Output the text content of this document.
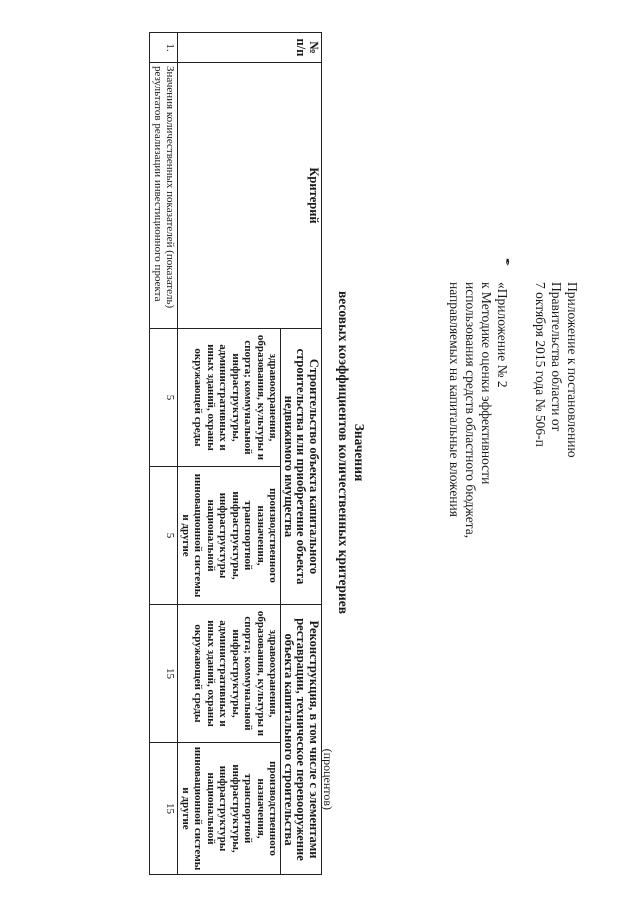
Приложение к постановлению
Правительства области от
7 октября 2015 года № 506-п
✒
«Приложение № 2
к Методике оценки эффективности
использования средств областного бюджета,
направляемых на капитальные вложения
Значения
весовых коэффициентов количественных критериев
(процентов)
№ п/п	Критерий	Строительство объекта капитального строительства или приобретение объекта недвижимого имущества		Реконструкция, в том числе с элементами реставрации, техническое перевооружение объекта капитального строительства	
		здравоохранения, образования, культуры и спорта; коммунальной инфраструктуры, административных и иных зданий, охраны окружающей среды	производственного назначения, транспортной инфраструктуры, инфраструктуры национальной инновационной системы и другие	здравоохранения, образования, культуры и спорта; коммунальной инфраструктуры, административных и иных зданий, охраны окружающей среды	производственного назначения, транспортной инфраструктуры, инфраструктуры национальной инновационной системы и другие
1.	Значения количественных показателей (показатель) результатов реализации инвестиционного проекта	5	5	15	15
